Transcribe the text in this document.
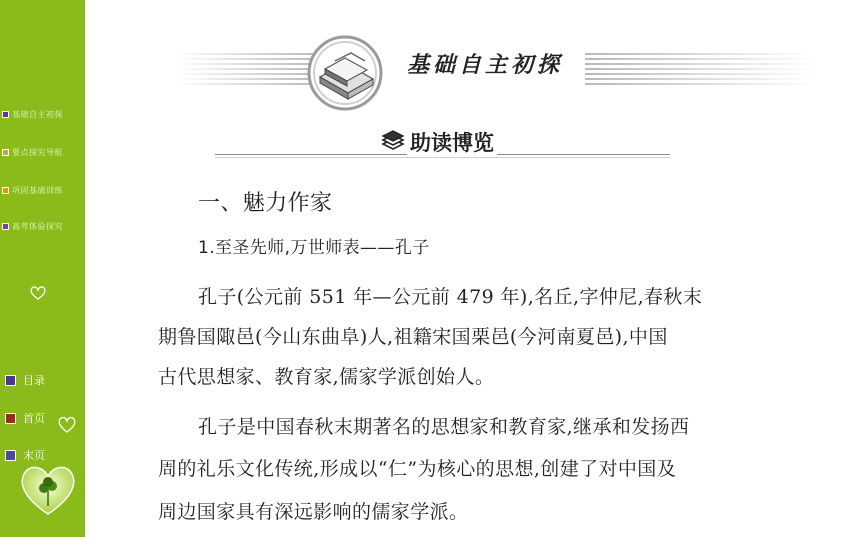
基础自主初探
要点探究导航
巩固基础训练
高考体验探究
目录
首页
末页
基础自主初探
助读博览
一、魅力作家
1.至圣先师,万世师表——孔子
孔子(公元前 551 年—公元前 479 年),名丘,字仲尼,春秋末
期鲁国陬邑(今山东曲阜)人,祖籍宋国栗邑(今河南夏邑),中国
古代思想家、教育家,儒家学派创始人。
孔子是中国春秋末期著名的思想家和教育家,继承和发扬西
周的礼乐文化传统,形成以“仁”为核心的思想,创建了对中国及
周边国家具有深远影响的儒家学派。
